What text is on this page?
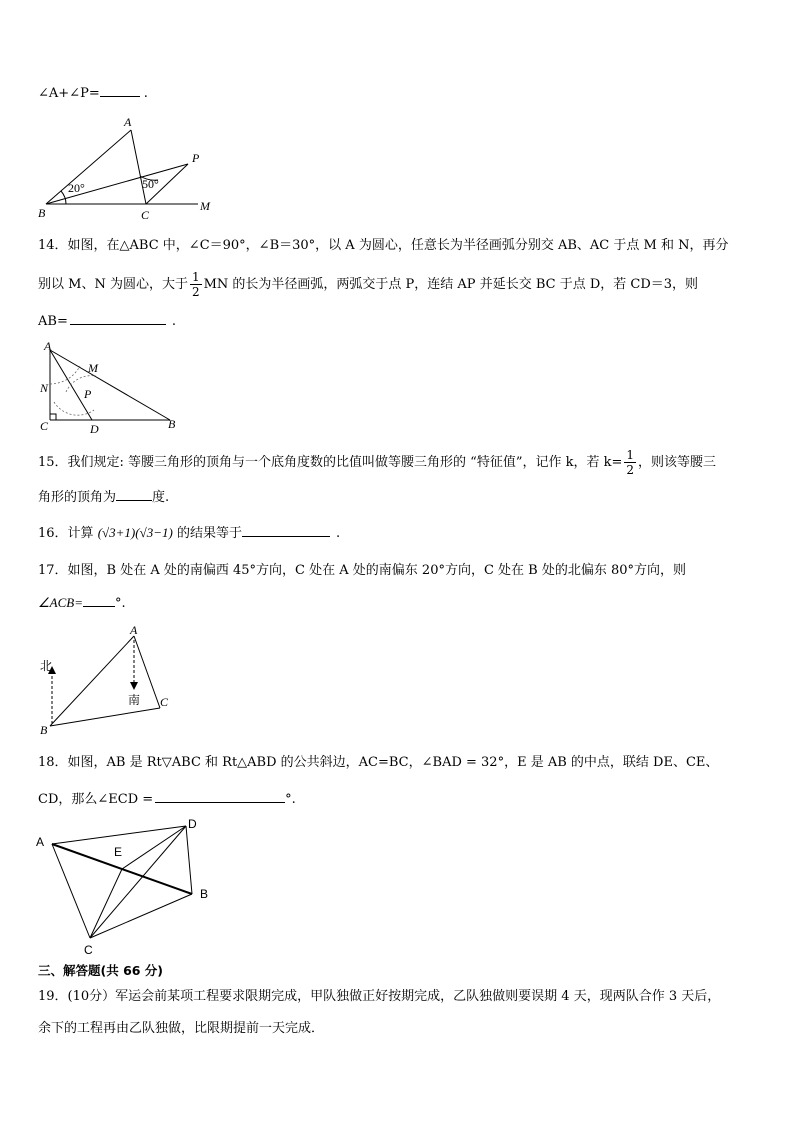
∠A+∠P=	.
A
P
B	C
M
20°	50°
14．如图，在△ABC 中，∠C＝90°，∠B＝30°，以 A 为圆心，任意长为半径画弧分别交 AB、AC 于点 M 和 N，再分
别以 M、N 为圆心，大于 $\frac{1}{2}$ MN 的长为半径画弧，两弧交于点 P，连结 AP 并延长交 BC 于点 D，若 CD＝3，则
AB=	.
A
M
N	P
C	D	B
15．我们规定: 等腰三角形的顶角与一个底角度数的比值叫做等腰三角形的 “特征值”，记作 k，若 $k= \frac{1}{2}$ ，则该等腰三
角形的顶角为	度.
16．计算 (√3+1)(√3−1) 的结果等于	.
17．如图，B 处在 A 处的南偏西 45°方向，C 处在 A 处的南偏东 20°方向，C 处在 B 处的北偏东 80°方向，则
∠ACB= °.
A
B
C
北
南
18．如图，AB 是 Rt▽ABC 和 Rt△ABD 的公共斜边，AC=BC，∠BAD = 32°，E 是 AB 的中点，联结 DE、CE、
CD，那么∠ECD =	°.
A
D
E
B
C
三、解答题(共 66 分)
19．(10分）军运会前某项工程要求限期完成，甲队独做正好按期完成，乙队独做则要误期 4 天，现两队合作 3 天后，
余下的工程再由乙队独做，比限期提前一天完成．
